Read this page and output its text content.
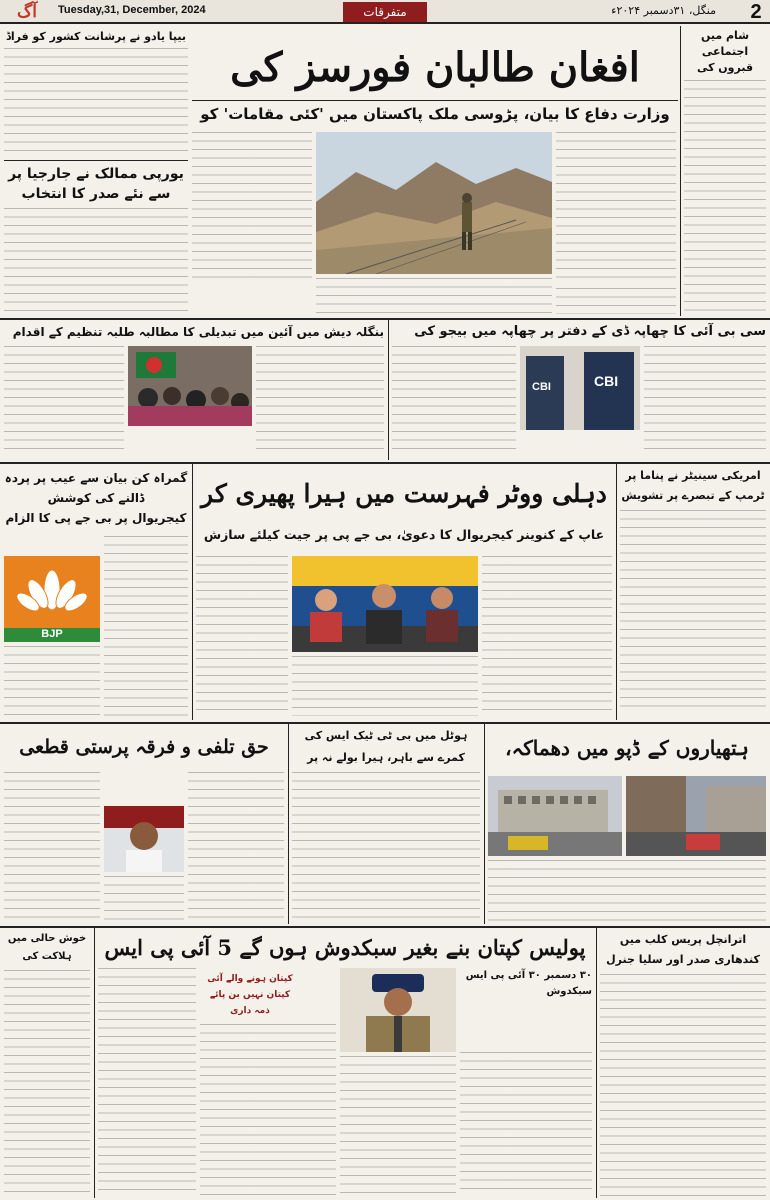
آگ	Tuesday,31, December, 2024	متفرقات	منگل، ۳۱دسمبر ۲۰۲۴ء	2
افغان طالبان فورسز کی
وزارت دفاع کا بیان، پڑوسی ملک پاکستان میں 'کئی مقامات' کو
بیپا یادو نے پرشانت کشور کو فراڈ
یورپی ممالک نے جارجیا پر سے نئے صدر کا انتخاب
شام میں اجتماعی قبروں کی
سی بی آئی کا چھاپہ ڈی کے دفتر پر چھاپہ میں بیجو کی
CBI
CBI
بنگلہ دیش میں آئین میں تبدیلی کا مطالبہ طلبہ تنظیم کے اقدام
امریکی سینیٹر نے پناما پر ٹرمپ کے تبصرے پر تشویش
دہلی ووٹر فہرست میں ہیرا پھیری کر
عاپ کے کنوینر کیجریوال کا دعویٰ، بی جے پی پر جیت کیلئے سازش
گمراہ کن بیان سے عیب پر پردہ ڈالنے کی کوشش
کیجریوال پر بی جے پی کا الزام
BJP
ہتھیاروں کے ڈپو میں دھماکہ،
ہوٹل میں بی ٹی ٹیک ایس کی
کمرے سے باہر، ہیرا بولے نہ پر
حق تلفی و فرقہ پرستی قطعی
اترانچل پریس کلب میں کندھاری صدر اور سلیا جنرل
پولیس کپتان بنے بغیر سبکدوش ہوں گے 5 آئی پی ایس
کپتان ہونے والے آئی
کپتان نہیں بن پائے
ذمہ داری
۳۰ دسمبر ۳۰ آئی پی ایس سبکدوش
خوش حالی میں ہلاکت کی
